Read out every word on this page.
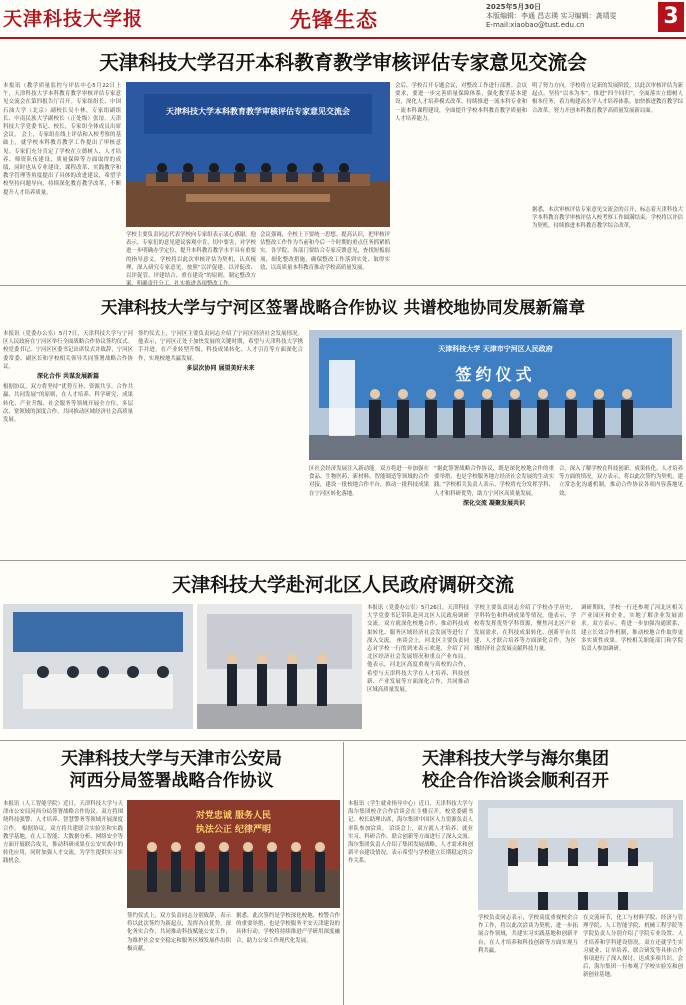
天津科技大学报	先锋生态	2025年5月30日
本版编辑：李通 昌志瑛 实习编辑：龚靖雯
E-mail:xiaobao@tust.edu.cn	3
天津科技大学召开本科教育教学审核评估专家意见交流会
本报讯（教学质量监控与评估中心5月22日上午，天津科技大学本科教育教学审核评估专家意见交流会在第四报告厅召开。专家组组长、中国石油大学（北京）副校长吴小林，专家组副组长、中南民族大学副校长（正处级）张谊，天津科技大学党委书记、校长，专家组全体成员出席会议。 会上，专家组在线上评估和入校考察的基础上，就学校本科教育教学工作提出了审核意见。专家们充分肯定了学校在立德树人、人才培养、师资队伍建设、质量保障等方面取得的成绩，同时也从专业建设、课程改革、实践教学和教学管理等角度提出了具体的改进建议，希望学校坚持问题导向，持续深化教育教学改革，不断提升人才培养质量。
天津科技大学本科教育教学审核评估专家意见交流会
学校主要负责同志代表学校向专家组表示衷心感谢。他表示，专家们的意见建议客观中肯、切中要害，对学校进一步明确办学定位、提升本科教育教学水平具有重要的指导意义。学校将以此次审核评估为契机，认真梳理、深入研究专家意见，按照“以评促建、以评促改、以评促管、评建结合、重在建设”的原则，制定整改方
会议强调，全校上下要统一思想、提高认识，把审核评估整改工作作为当前和今后一个时期的重点任务抓紧抓实。各学院、各部门要结合专家反馈意见，查找短板弱项，细化整改措施，确保整改工作落到实处、取得实效，以高质量本科教育推动学校高质量发展。
会后，学校召开专题会议，对整改工作进行部署。会议要求，要进一步完善质量保障体系，强化教学基本建设，深化人才培养模式改革，持续推进一流本科专业和一流本科课程建设，全面提升学校本科教育教学质量和人才培养能力。
明了努力方向。学校将立足新的发展阶段，以此次审核评估为新起点，坚持“以本为本”，推进“四个回归”，全面落实立德树人根本任务，着力构建高水平人才培养体系，加快推进教育教学综合改革，努力开创本科教育教学高质量发展新局面。
据悉，本次审核评估专家意见交流会的召开，标志着天津科技大学本科教育教学审核评估入校考察工作圆满结束。学校将以评估为契机，持续推进本科教育教学综合改革。
天津科技大学与宁河区签署战略合作协议 共谱校地协同发展新篇章
本报讯（党委办公室）5月7日，天津科技大学与宁河区人民政府在宁河区举行全面战略合作协议签约仪式。校党委书记、宁河区区委书记出席仪式并致辞，宁河区委常委、副区长和学校相关领导共同签署战略合作协议。
深化合作 共谋发展新篇
根据协议，双方将坚持“优势互补、资源共享、合作共赢、共同发展”的原则，在人才培养、科学研究、成果转化、产业升级、社会服务等领域开展全方位、多层次、宽领域的深度合作，共同推动区域经济社会高质量发展。
签约仪式上，宁河区主要负责同志介绍了宁河区经济社会发展情况。他表示，宁河区正处于加快发展的关键时期，希望与天津科技大学携手并进，在产业转型升级、科技成果转化、人才引育等方面深化合作，实现校地共赢发展。
多层次协同 展望美好未来
天津科技大学 天津市宁河区人民政府
签约仪式
区社会经济发展注入新动能。双方将进一步加强在食品、生物医药、新材料、智能制造等领域的合作对接，建设一批校地合作平台，推动一批科技成果在宁河区转化落地。
“据此签署战略合作协议，既是深化校地合作的重要举措，也是学校服务地方经济社会发展的生动实践。”学校相关负责人表示，学校将充分发挥学科、人才和科研优势，助力宁河区高质量发展。
深化交流 凝聚发展共识
合，深入了解学校在科技创新、成果转化、人才培养等方面的情况。双方表示，将以此次签约为契机，建立常态化沟通机制，推动合作协议各项内容落地见效。
天津科技大学赴河北区人民政府调研交流
本报讯（党委办公室）5月26日，天津科技大学党委书记带队赴河北区人民政府调研交流。双方就深化校地合作、推动科技成果转化、服务区域经济社会发展等进行了深入交流。 座谈会上，河北区主要负责同志对学校一行的到来表示欢迎，介绍了河北区经济社会发展情况和重点产业布局。他表示，河北区高度重视与高校的合作，希望与天津科技大学在人才培养、科技创新、产业发展等方面深化合作，共同推动区域高质量发展。
学校主要负责同志介绍了学校办学历史、学科特色和科研成果等情况。他表示，学校将发挥优势学科资源，聚焦河北区产业发展需求，在科技成果转化、创新平台共建、人才联合培养等方面深化合作，为区域经济社会发展贡献科技力量。
调研期间，学校一行还参观了河北区相关产业园区和企业，实地了解企业发展需求。双方表示，将进一步加强沟通联系，建立长效合作机制，推动校地合作取得更多实质性成果。学校相关职能部门和学院负责人参加调研。
天津科技大学与天津市公安局
河西分局签署战略合作协议
本报讯（人工智能学院）近日，天津科技大学与天津市公安局河西分局签署战略合作协议。双方将围绕科技强警、人才培养、智慧警务等领域开展深度合作。 根据协议，双方将共建联合实验室和实践教学基地，在人工智能、大数据分析、网络安全等方面开展联合攻关，推动科研成果在公安实战中的转化应用，同时加强人才交流，为学生提供实习实践机会。
对党忠诚 服务人民
执法公正 纪律严明
签约仪式上，双方负责同志分别致辞，表示将以此次签约为新起点，发挥各自优势，深化务实合作，共同推动科技赋能公安工作，为维护社会安全稳定和服务区域发展作出积极贡献。
据悉，此次签约是学校深化校地、校警合作的重要举措，也是学校服务平安天津建设的具体行动。学校将持续推进产学研用深度融合，助力公安工作现代化发展。
天津科技大学与海尔集团
校企合作洽谈会顺利召开
本报讯（学生就业指导中心）近日，天津科技大学与海尔集团校企合作洽谈会在主楼召开。校党委副书记、校长助理出席，海尔集团中国区人力资源负责人率队参加洽谈。 洽谈会上，双方就人才培养、就业实习、科研合作、联合创新等方面进行了深入交流。海尔集团负责人介绍了集团发展战略、人才需求和创新平台建设情况，表示希望与学校建立长期稳定的合作关系。
学校负责同志表示，学校高度重视校企合作工作，将以此次洽谈为契机，进一步拓展合作领域，共建实习实践基地和创新平台，在人才培养和科技创新等方面实现互利共赢。
在交流环节，化工与材料学院、经济与管理学院、人工智能学院、机械工程学院等学院负责人分别介绍了学院专业设置、人才培养和学科建设情况。双方还就学生实习就业、订单培养、联合研发等具体合作事项进行了深入探讨，达成多项共识。会后，海尔集团一行参观了学校实验室和创新创业基地。
